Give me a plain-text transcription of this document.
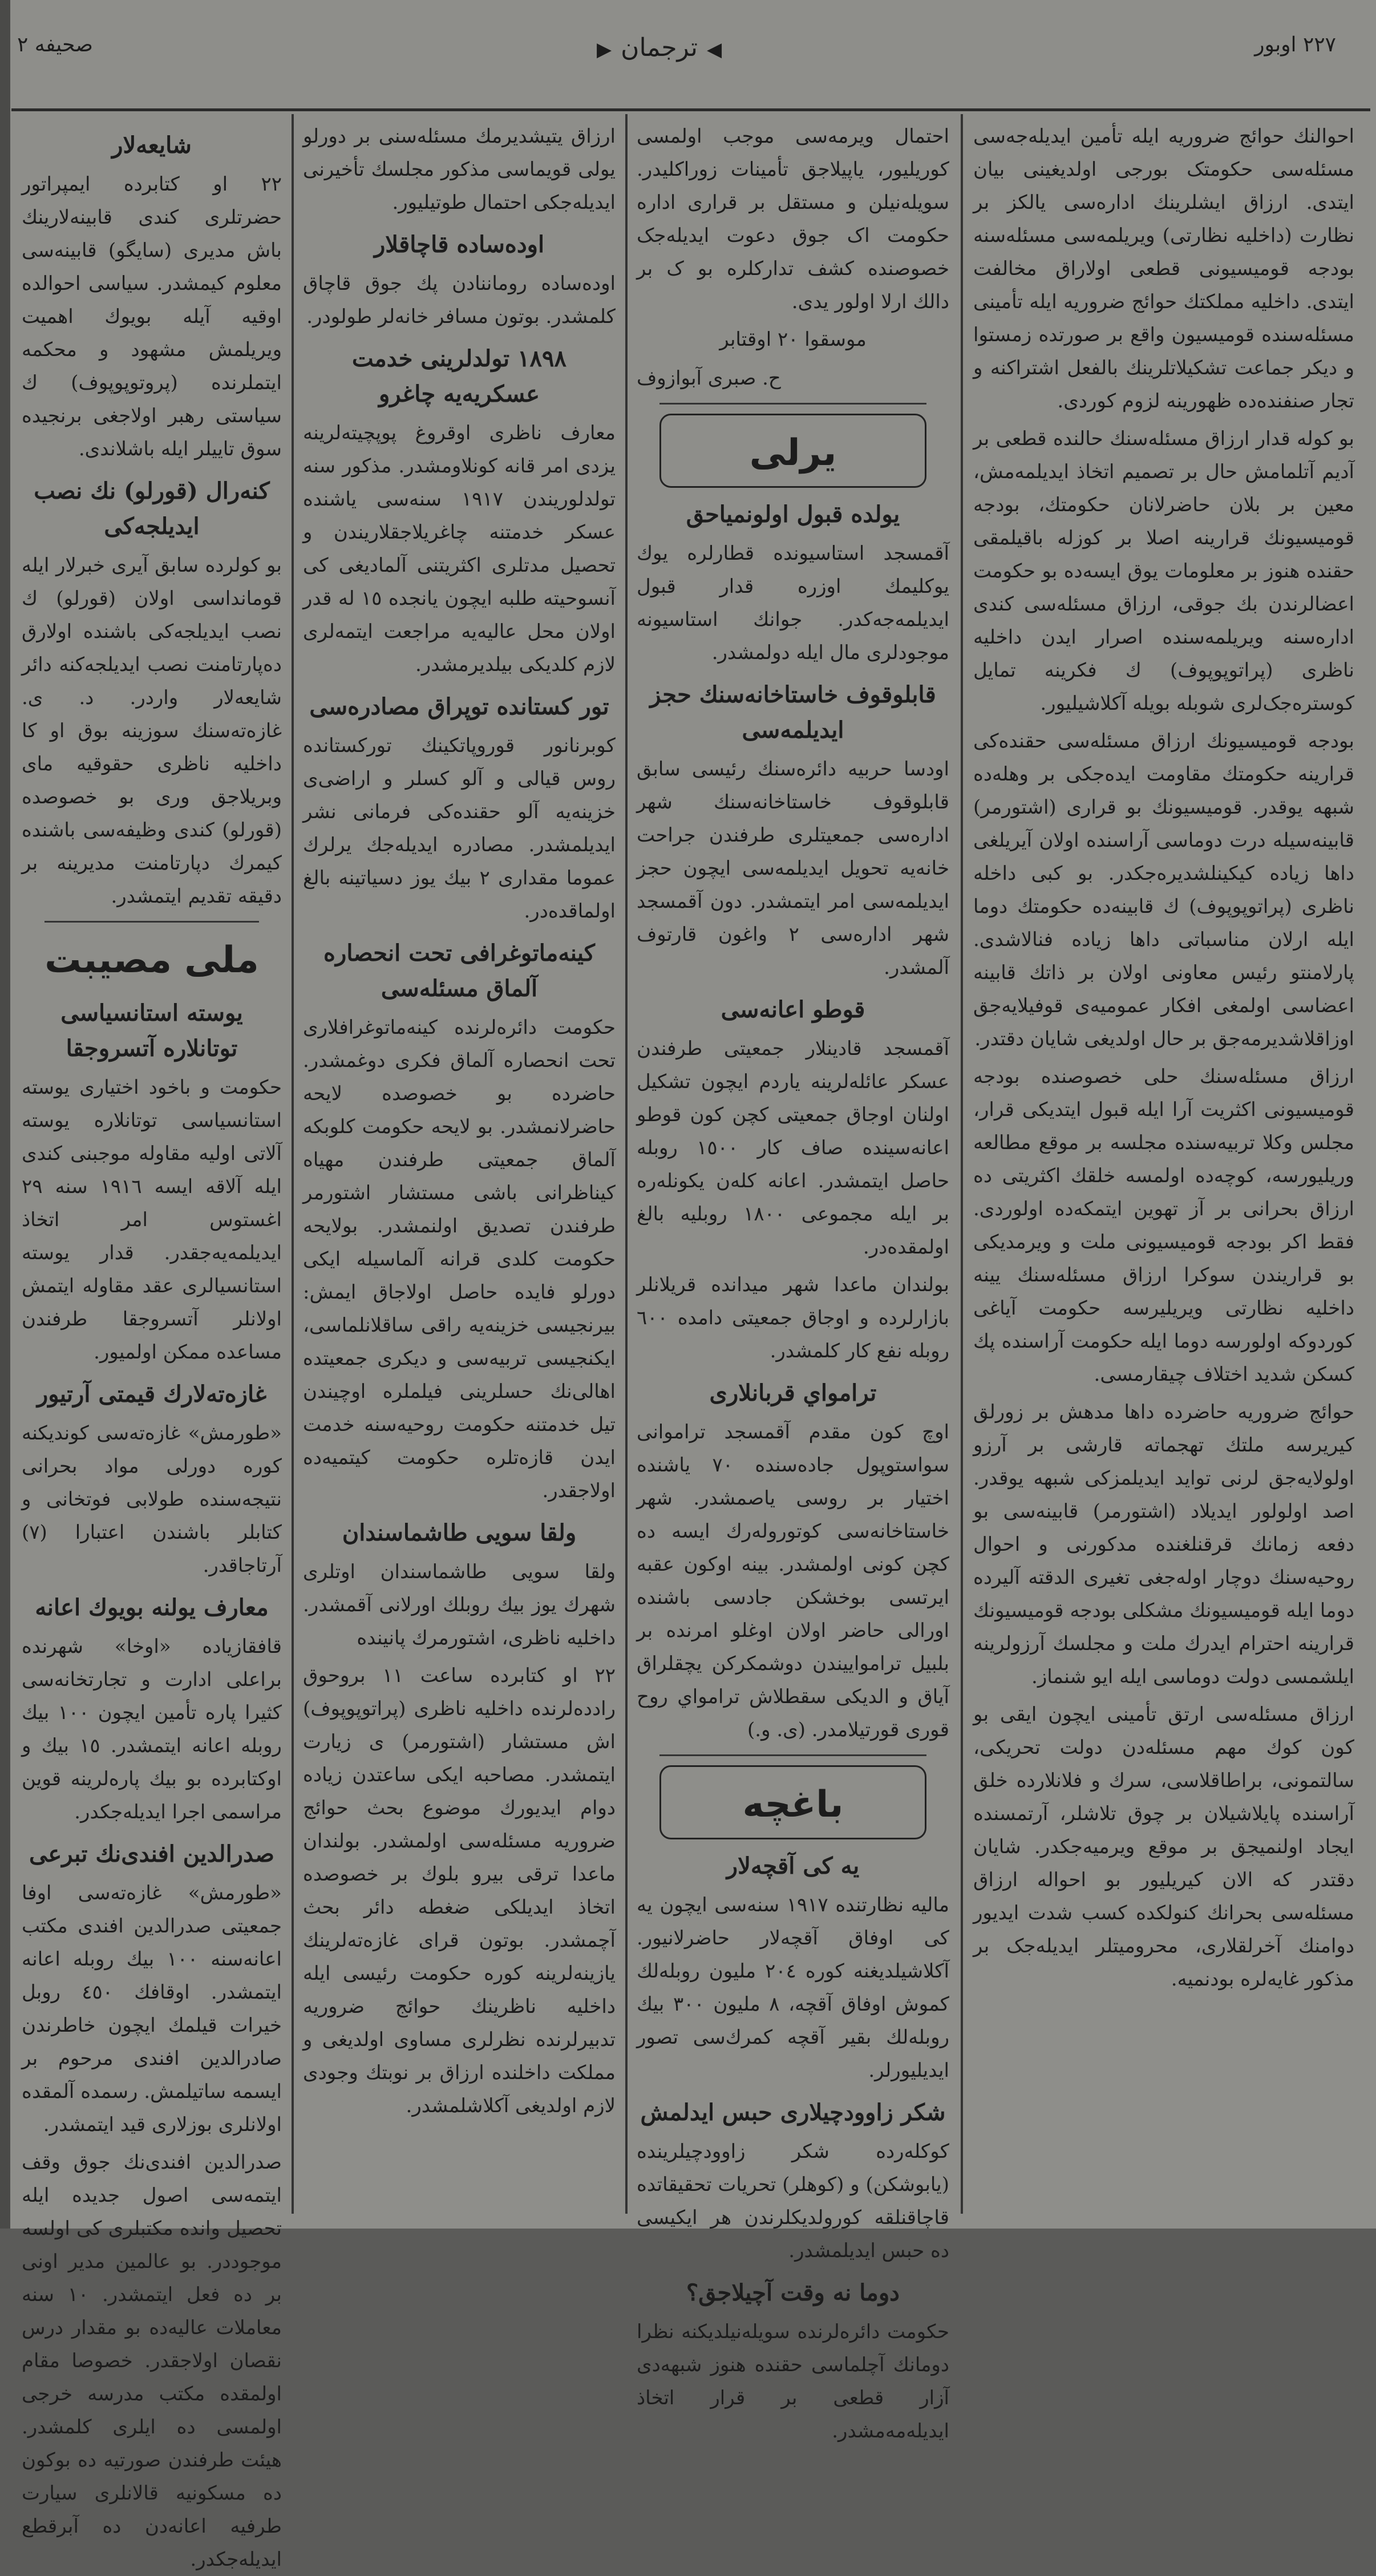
صحيفه ٢	◀ترجمان▶	٢٢٧ اوبور

احوالنك حوائج ضروریه ایله تأمین ایدیله‌جه‌سی مسئله‌سی حکومتک بورجی اولدیغینی بیان ایتدی. ارزاق ایشلرینك اداره‌سی یالکز بر نظارت (داخلیه نظارتی) ویریلمه‌سی مسئله‌سنه بودجه قومیسیونی قطعی اولاراق مخالفت ایتدی. داخلیه مملکتك حوائج ضروریه ایله تأمینی مسئله‌سنده قومیسیون واقع بر صورتده زمستوا و دیکر جماعت تشکیلاتلرینك بالفعل اشتراکنه و تجار صنفنده‌ده ظهورینه لزوم کوردی.

بو کوله قدار ارزاق مسئله‌سنك حالنده قطعی بر آدیم آتلمامش حال بر تصمیم اتخاذ ایدیلمه‌مش، معین بر بلان حاضرلانان حکومتك، بودجه قومیسیونك قرارینه اصلا بر کوزله باقیلمقی حقنده هنوز بر معلومات یوق ایسه‌ده بو حکومت اعضالرندن بك جوقی، ارزاق مسئله‌سی کندی اداره‌سنه ویریلمه‌سنده اصرار ایدن داخلیه ناظری (پراتوپوپوف) ك فکرینه تمایل کوستره‌جک‌لری شوبله بویله آکلاشیلیور.

بودجه قومیسیونك ارزاق مسئله‌سی حقنده‌کی قرارینه حکومتك مقاومت ایده‌جکی بر وهله‌ده شبهه یوقدر. قومیسیونك بو قراری (اشتورمر) قابینه‌سیله درت دوماسی آراسنده اولان آیریلغی داها زیاده کیکینلشدیره‌جکدر. بو کبی داخله ناظری (پراتوپوپوف) ك قابینه‌ده حکومتك دوما ایله ارلان مناسباتی داها زیاده فنالاشدی. پارلامنتو رئیس معاونی اولان بر ذاتك قابینه اعضاسی اولمغی افکار عمومیه‌ی قوفیلایه‌جق اوزاقلاشدیرمه‌جق بر حال اولدیغی شایان دقتدر.

ارزاق مسئله‌سنك حلی خصوصنده بودجه قومیسیونی اکثریت آرا ایله قبول ایتدیکی قرار، مجلس وکلا تربیه‌سنده مجلسه بر موقع مطالعه وریلیورسه، کوچه‌ده اولمسه خلقك اکثریتی ده ارزاق بحرانی بر آز تهوین ایتمکه‌ده اولوردی. فقط اکر بودجه قومیسیونی ملت و ویرمدیکی بو قراریندن سوکرا ارزاق مسئله‌سنك یینه داخلیه نظارتی ویریلیرسه حکومت آیاغی کوردوكه اولورسه دوما ایله حکومت آراسنده پك کسکن شدید اختلاف چیقارمسی.

حوائج ضروریه حاضرده داها مدهش بر زورلق کیریرسه ملتك تهجماته قارشی بر آرزو اولولایه‌جق لرنی تواید ایدیلمزکی شبهه یوقدر. اصد اولولور ایدیلاد (اشتورمر) قابینه‌سی بو دفعه زمانك قرقنلغنده مدکورنی و احوال روحیه‌سنك دوچار اوله‌جغی تغیری الدقته آلیرده دوما ایله قومیسیونك مشکلی بودجه قومیسیونك قرارینه احترام ایدرك ملت و مجلسك آرزولرینه ایلشمسی دولت دوماسی ایله ایو شنماز.

ارزاق مسئله‌سی ارتق تأمینی ایچون ایقی بو کون کوك مهم مسئله‌دن دولت تحریکی، سالتمونی، براطاقلاسی، سرك و فلانلارده خلق آراسنده پایلاشیلان بر چوق تلاشلر، آرتمسنده ایجاد اولنمیجق بر موقع ویرمیه‌جکدر. شایان دقتدر که الان کیریلیور بو احواله ارزاق مسئله‌سی بحرانك کنولکده کسب شدت ایدیور دوامنك آخرلقلاری، محرومیتلر ایدیله‌جک بر مذکور غایه‌لره بودنمیه.

احتمال ویرمه‌سی موجب اولمسی کوریلیور، یاپیلاجق تأمینات زوراکلیدر. سویله‌نیلن و مستقل بر قراری اداره حکومت اک جوق دعوت ایدیله‌جک خصوصنده کشف تدارکلره بو ک بر دالك ارلا اولور یدی.

موسقوا ٢٠ اوقتابر

ح. صبری آبوازوف

یرلی
یولده قبول اولونمیاحق

آقمسجد استاسیونده قطارلره یوك یوکلیمك اوزره قدار قبول ایدیلمه‌جه‌کدر. جوانك استاسیونه موجودلری مال ایله دولمشدر.

قابلوقوف خاستاخانه‌سنك حجز ایدیلمه‌سی

اودسا حربیه دائره‌سنك رئیسی سابق قابلوقوف خاستاخانه‌سنك شهر اداره‌سی جمعیتلری طرفندن جراحت خانه‌یه تحویل ایدیلمه‌سی ایچون حجز ایدیلمه‌سی امر ایتمشدر. دون آقمسجد شهر اداره‌سی ٢ واغون قارتوف آلمشدر.

قوطو اعانه‌سی

آقمسجد قادینلار جمعیتی طرفندن عسکر عائله‌لرینه یاردم ایچون تشکیل اولنان اوجاق جمعیتی کچن کون قوطو اعانه‌سینده صاف کار ١٥٠٠ روبله حاصل ایتمشدر. اعانه کله‌ن یکونله‌ره بر ایله مجموعی ١٨٠٠ روبلیه بالغ اولمقده‌در.

بولندان ماعدا شهر میدانده قریلانلر بازارلرده و اوجاق جمعیتی دامده ٦٠٠ روبله نفع کار کلمشدر.

ترامواي قربانلاری

اوچ کون مقدم آقمسجد تراموانی سواستوپول جاده‌سنده ٧٠ یاشنده اختیار بر روسی یاصمشدر. شهر خاستاخانه‌سی کوتوروله‌رك ایسه ده کچن کونی اولمشدر. بینه اوکون عقبه ایرتسی بوخشکن جادسی باشنده اورالی حاضر اولان اوغلو امرنده بر بلبیل ترامواییندن دوشمکرکن یچقلراق آیاق و الدیکی سقطلاش ترامواي روح قوری قورتیلامدر. (ی. و.)

باغچه
یه کی آقچه‌لار

مالیه نظارتنده ١٩١٧ سنه‌سی ایچون یه کی اوفاق آقچه‌لار حاضرلانیور. آکلاشیلدیغنه کوره ٢٠٤ ملیون روبله‌لك کموش اوفاق آقچه، ٨ ملیون ٣٠٠ بیك روبله‌لك بقیر آقچه کمرك‌سی تصور ایدیلیورلر.

شکر زاوودچیلاری حبس ایدلمش

کوکله‌رده شکر زاوودچیلرینده (یابوشکن) و (کوهلر) تحریات تحقیقاتده قاچاقنلقه کورولدیکلرندن هر ایکیسی ده حبس ایدیلمشدر.

دوما نه وقت آچیلاجق؟

حکومت دائره‌لرنده سویله‌نیلدیکنه نظرا دومانك آچلماسی حقنده هنوز شبهه‌دی آزار قطعی بر قرار اتخاذ ایدیله‌مه‌مشدر.

ارزاق یتیشدیرمك مسئله‌سنی بر دورلو یولی قویماسی مذکور مجلسك تأخیرنی ایدیله‌جکی احتمال طوتیلیور.

اوده‌ساده قاچاقلار

اوده‌ساده روماننادن پك جوق قاچاق کلمشدر. بوتون مسافر خانه‌لر طولودر.

١٨٩٨ تولدلرینی خدمت عسکریه‌یه چاغرو

معارف ناظری اوقروغ پوپچیته‌لرینه یزدی امر قانه کونلاومشدر. مذکور سنه تولدلوریندن ١٩١٧ سنه‌سی یاشنده عسکر خدمتنه چاغریلاجقلاریندن و تحصیل مدتلری اکثریتنی آلمادیغی کی آنسوحیته طلبه ایچون یانجده ١٥ له قدر اولان محل عالیه‌یه مراجعت ایتمه‌لری لازم کلدیکی بیلدیرمشدر.

تور کستانده توپراق مصادره‌سی

کوبرنانور قوروپاتکینك تورکستانده روس قیالی و آلو کسلر و اراضی‌ی خزینه‌یه آلو حقنده‌کی فرمانی نشر ایدیلمشدر. مصادره ایدیله‌جك یرلرك عموما مقداری ٢ بیك یوز دسیاتینه بالغ اولماقده‌در.

کینه‌ماتوغرافی تحت انحصاره آلماق مسئله‌سی

حکومت دائره‌لرنده کینه‌ماتوغرافلاری تحت انحصاره آلماق فکری دوغمشدر. حاضرده بو خصوصده لایحه حاضرلانمشدر. بو لایحه حکومت کلوبکه آلماق جمعیتی طرفندن مهیاه کیناظرانی باشی مستشار اشتورمر طرفندن تصدیق اولنمشدر. بولایحه حکومت کلدی قرانه آلماسیله ایکی دورلو فایده حاصل اولاجاق ایمش: بیرنجیسی خزینه‌یه راقی ساقلانلماسی، ایکنجیسی تربیه‌سی و دیکری جمعیتده اهالی‌نك حسلرینی فیلملره اوچیندن تیل خدمتنه حکومت روحیه‌سنه خدمت ایدن قازه‌تلره حکومت کیتمیه‌ده اولاجقدر.

ولقا سویی طاشماسندان

ولقا سویی طاشماسندان اوتلری شهرك یوز بیك روبلك اورلانی آقمشدر. داخلیه ناظری، اشتورمرك پانینده

٢٢ او کتابرده ساعت ١١ بروحوق رادده‌لرنده داخلیه ناظری (پراتوپوپوف) اش مستشار (اشتورمر) ی زیارت ایتمشدر. مصاحبه ایکی ساعتدن زیاده دوام ایدیورك موضوع بحث حوائج ضروریه مسئله‌سی اولمشدر. بولندان ماعدا ترقی بیرو بلوك بر خصوصده اتخاذ ایدیلکی ضغطه دائر بحث آچمشدر. بوتون قرای غازه‌ته‌لرینك یازینه‌لرینه کوره حکومت رئیسی ایله داخلیه ناظرینك حوائج ضروریه تدبیرلرنده نظرلری مساوی اولدیغی و مملکت داخلنده ارزاق بر نوبتك وجودی لازم اولدیغی آکلاشلمشدر.

شایعه‌لار

٢٢ او کتابرده ایمپراتور حضرتلری کندی قابینه‌لارینك باش مدیری (سایگو) قابینه‌سی معلوم کیمشدر. سیاسی احوالده اوقیه آیله بویوك اهمیت ویریلمش مشهود و محکمه ایتملرنده (پروتوپوپوف) ك سیاستی رهبر اولاجغی برنجیده سوق تاییلر ایله باشلاندی.

کنه‌رال (قورلو) نك نصب ایدیلجه‌کی

بو کولرده سابق آیری خبرلار ایله قومانداسی اولان (قورلو) ك نصب ایدیلجه‌کی باشنده اولارق ده‌پارتامنت نصب ایدیلجه‌کنه دائر شایعه‌لار واردر. د. ی. غازه‌ته‌سنك سوزینه بوق او کا داخلیه ناظری حقوقیه ما‌ی وبریلاجق وری بو خصوصده (قورلو) کندی وظیفه‌سی باشنده کیمرك دپارتامنت مدیرینه بر دقیقه تقدیم ایتمشدر.

ملی مصیبت
یوسته استانسیاسی توتانلاره آتسروجقا

حکومت و باخود اختیاری یوسته استانسیاسی توتانلاره یوسته آلاتی اولیه مقاوله موجبنی کندی ایله آلاقه ایسه ١٩١٦ سنه ٢٩ اغستوس امر اتخاذ ایدیلمه‌یه‌جقدر. قدار یوسته استانسیالری عقد مقاوله ایتمش اولانلر آتسروجقا طرفندن مساعده ممکن اولمیور.

غازه‌ته‌لارك قیمتی آرتیور

«طورمش» غازه‌ته‌سی کوندیکنه کوره دورلی مواد بحرانی نتیجه‌سنده طولابی فوتخانی و کتابلر باشندن اعتبارا (٧) آرتاجاقدر.

معارف یولنه بویوك اعانه

قافقازیاده «اوخا» شهرنده براعلی ادارت و تجارتخانه‌سی کثیرا پاره تأمین ایچون ١٠٠ بیك روبله اعانه ایتمشدر. ١٥ بیك و اوکتابرده بو بیك پاره‌لرینه قوین مراسمی اجرا ایدیله‌جکدر.

صدرالدین افندی‌نك تبرعی

«طورمش» غازه‌ته‌سی اوفا جمعیتی صدرالدین افندی مکتب اعانه‌سنه ١٠٠ بیك روبله اعانه ایتمشدر. اوقافك ٤٥٠ روبل خیرات قیلمك ایچون خاطرندن صادرالدین افندی مرحوم بر ایسمه ساتیلمش. رسمده آلمقده اولانلری بوزلاری قید ایتمشدر.

صدرالدین افندی‌نك جوق وقف ایتمه‌سی اصول جدیده ایله تحصیل وانده مکتبلری کی اولسه موجوددر. بو عالمین مدیر اونی بر ده فعل ایتمشدر. ١٠ سنه معاملات عالیه‌ده بو مقدار درس نقصان اولاجقدر. خصوصا مقام اولمقده مکتب مدرسه خرجی اولمسی ده ایلری کلمشدر. هیئت طرفندن صورتیه ده بوکون ده مسکونیه قالانلری سیارت طرفیه اعانه‌دن ده آبرقطع ایدیله‌جکدر.
